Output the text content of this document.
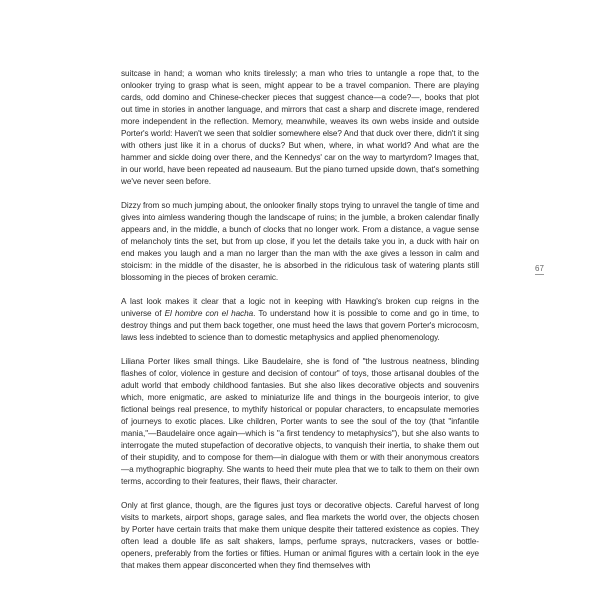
suitcase in hand; a woman who knits tirelessly; a man who tries to untangle a rope that, to the onlooker trying to grasp what is seen, might appear to be a travel companion. There are playing cards, odd domino and Chinese-checker pieces that suggest chance—a code?—, books that plot out time in stories in another language, and mirrors that cast a sharp and discrete image, rendered more independent in the reflection. Memory, meanwhile, weaves its own webs inside and outside Porter's world: Haven't we seen that soldier somewhere else? And that duck over there, didn't it sing with others just like it in a chorus of ducks? But when, where, in what world? And what are the hammer and sickle doing over there, and the Kennedys' car on the way to martyrdom? Images that, in our world, have been repeated ad nauseaum. But the piano turned upside down, that's something we've never seen before.

Dizzy from so much jumping about, the onlooker finally stops trying to unravel the tangle of time and gives into aimless wandering though the landscape of ruins; in the jumble, a broken calendar finally appears and, in the middle, a bunch of clocks that no longer work. From a distance, a vague sense of melancholy tints the set, but from up close, if you let the details take you in, a duck with hair on end makes you laugh and a man no larger than the man with the axe gives a lesson in calm and stoicism: in the middle of the disaster, he is absorbed in the ridiculous task of watering plants still blossoming in the pieces of broken ceramic.

A last look makes it clear that a logic not in keeping with Hawking's broken cup reigns in the universe of El hombre con el hacha. To understand how it is possible to come and go in time, to destroy things and put them back together, one must heed the laws that govern Porter's microcosm, laws less indebted to science than to domestic metaphysics and applied phenomenology.

Liliana Porter likes small things. Like Baudelaire, she is fond of "the lustrous neatness, blinding flashes of color, violence in gesture and decision of contour" of toys, those artisanal doubles of the adult world that embody childhood fantasies. But she also likes decorative objects and souvenirs which, more enigmatic, are asked to miniaturize life and things in the bourgeois interior, to give fictional beings real presence, to mythify historical or popular characters, to encapsulate memories of journeys to exotic places. Like children, Porter wants to see the soul of the toy (that "infantile mania,"—Baudelaire once again—which is "a first tendency to metaphysics"), but she also wants to interrogate the muted stupefaction of decorative objects, to vanquish their inertia, to shake them out of their stupidity, and to compose for them—in dialogue with them or with their anonymous creators—a mythographic biography. She wants to heed their mute plea that we to talk to them on their own terms, according to their features, their flaws, their character.

Only at first glance, though, are the figures just toys or decorative objects. Careful harvest of long visits to markets, airport shops, garage sales, and flea markets the world over, the objects chosen by Porter have certain traits that make them unique despite their tattered existence as copies. They often lead a double life as salt shakers, lamps, perfume sprays, nutcrackers, vases or bottle-openers, preferably from the forties or fifties. Human or animal figures with a certain look in the eye that makes them appear disconcerted when they find themselves with

67
